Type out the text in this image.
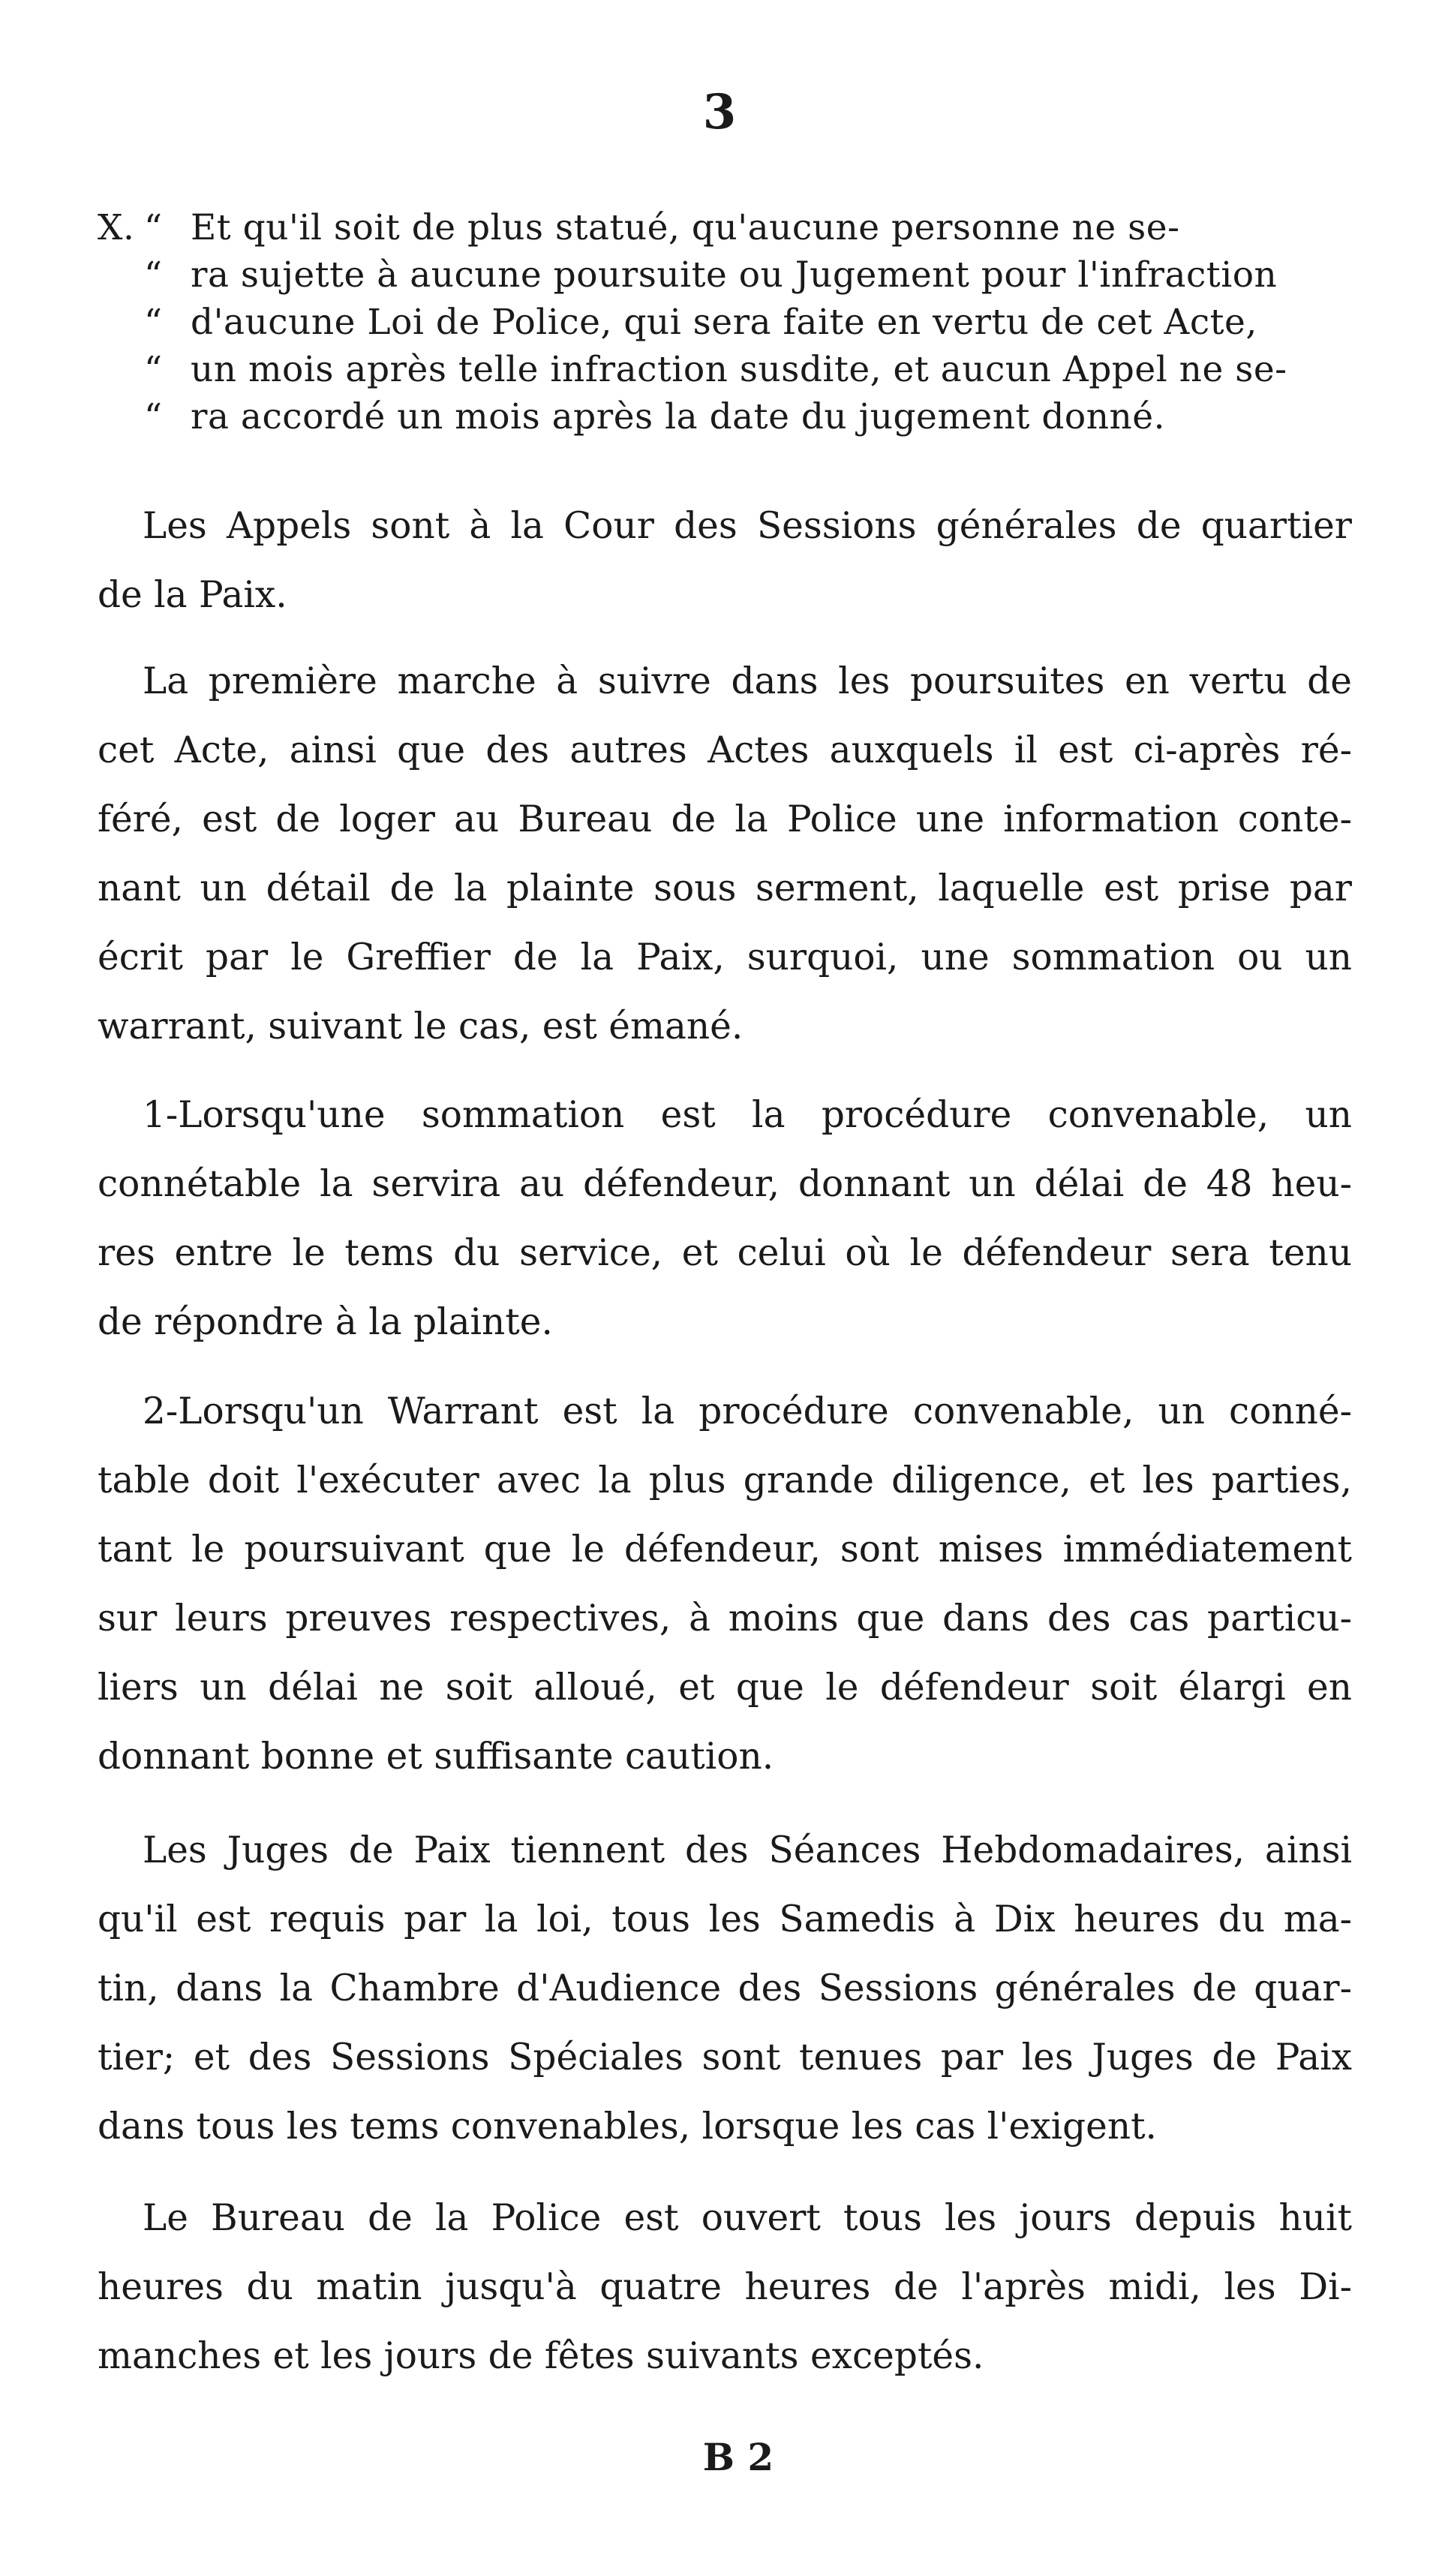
3
X. “ Et qu'il soit de plus statué, qu'aucune personne ne se-
“ ra sujette à aucune poursuite ou Jugement pour l'infraction
“ d'aucune Loi de Police, qui sera faite en vertu de cet Acte,
“ un mois après telle infraction susdite, et aucun Appel ne se-
“ ra accordé un mois après la date du jugement donné.
Les Appels sont à la Cour des Sessions générales de quartier
de la Paix.
La première marche à suivre dans les poursuites en vertu de
cet Acte, ainsi que des autres Actes auxquels il est ci-après ré-
féré, est de loger au Bureau de la Police une information conte-
nant un détail de la plainte sous serment, laquelle est prise par
écrit par le Greffier de la Paix, surquoi, une sommation ou un
warrant, suivant le cas, est émané.
1-Lorsqu'une sommation est la procédure convenable, un
connétable la servira au défendeur, donnant un délai de 48 heu-
res entre le tems du service, et celui où le défendeur sera tenu
de répondre à la plainte.
2-Lorsqu'un Warrant est la procédure convenable, un conné-
table doit l'exécuter avec la plus grande diligence, et les parties,
tant le poursuivant que le défendeur, sont mises immédiatement
sur leurs preuves respectives, à moins que dans des cas particu-
liers un délai ne soit alloué, et que le défendeur soit élargi en
donnant bonne et suffisante caution.
Les Juges de Paix tiennent des Séances Hebdomadaires, ainsi
qu'il est requis par la loi, tous les Samedis à Dix heures du ma-
tin, dans la Chambre d'Audience des Sessions générales de quar-
tier; et des Sessions Spéciales sont tenues par les Juges de Paix
dans tous les tems convenables, lorsque les cas l'exigent.
Le Bureau de la Police est ouvert tous les jours depuis huit
heures du matin jusqu'à quatre heures de l'après midi, les Di-
manches et les jours de fêtes suivants exceptés.
B 2
